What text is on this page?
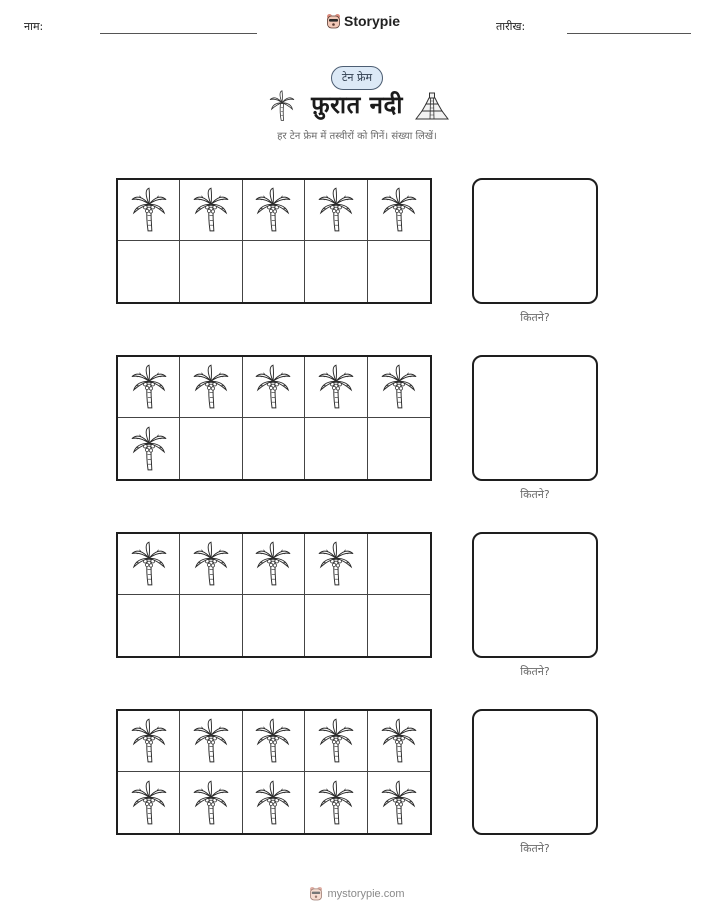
नाम:	Storypie	तारीख:
टेन फ्रेम
फ़ुरात नदी
हर टेन फ्रेम में तस्वीरों को गिनें। संख्या लिखें।
कितने?
कितने?
कितने?
कितने?
mystorypie.com
